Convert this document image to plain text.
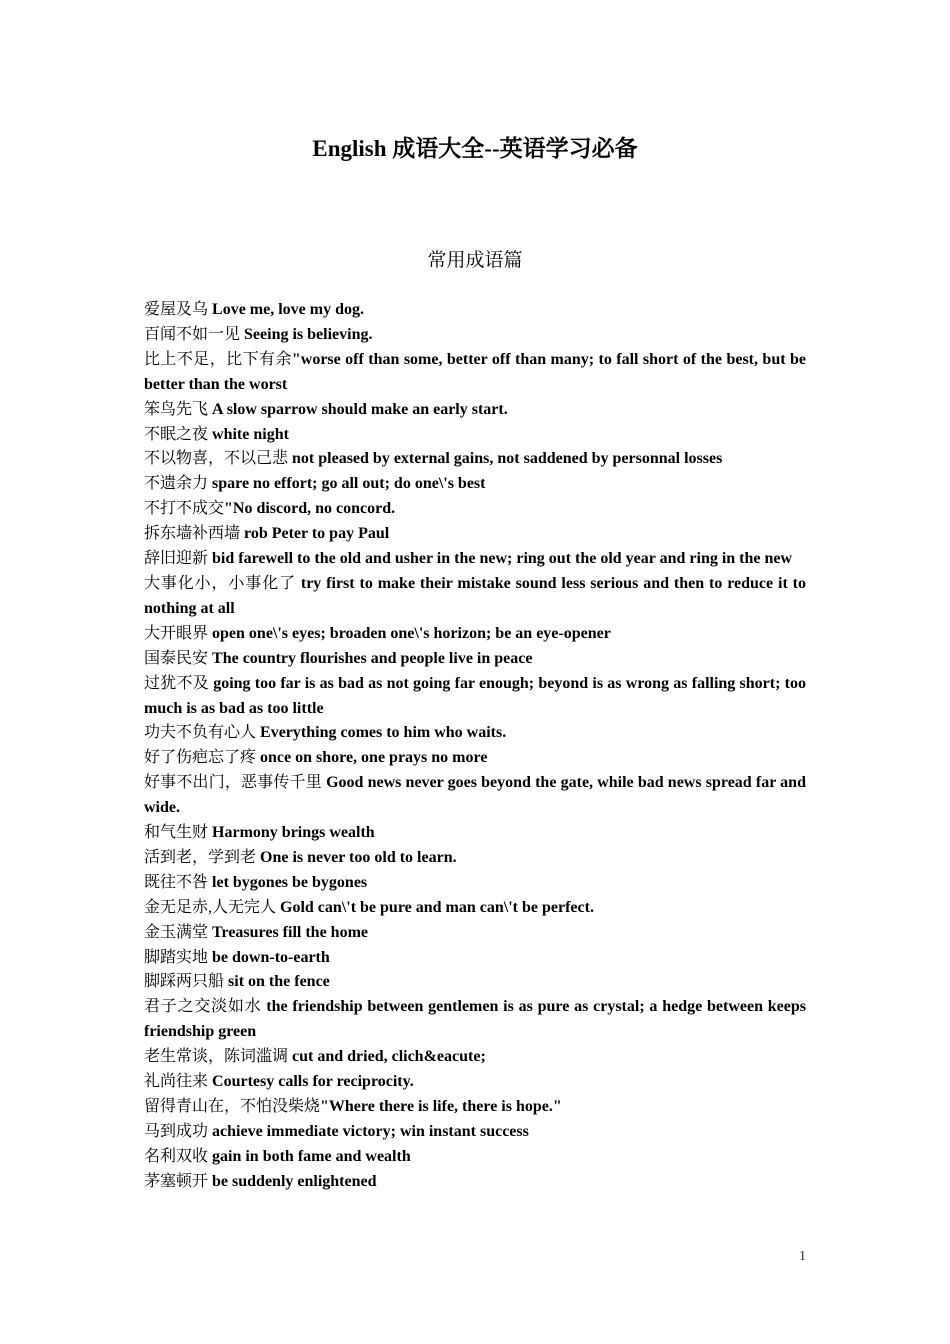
English 成语大全--英语学习必备
常用成语篇
爱屋及乌 Love me, love my dog.
百闻不如一见 Seeing is believing.
比上不足，比下有余"worse off than some, better off than many; to fall short of the best, but be better than the worst
笨鸟先飞 A slow sparrow should make an early start.
不眠之夜 white night
不以物喜，不以己悲 not pleased by external gains, not saddened by personnal losses
不遗余力 spare no effort; go all out; do one\'s best
不打不成交"No discord, no concord.
拆东墙补西墙 rob Peter to pay Paul
辞旧迎新 bid farewell to the old and usher in the new; ring out the old year and ring in the new
大事化小，小事化了 try first to make their mistake sound less serious and then to reduce it to nothing at all
大开眼界 open one\'s eyes; broaden one\'s horizon; be an eye-opener
国泰民安 The country flourishes and people live in peace
过犹不及 going too far is as bad as not going far enough; beyond is as wrong as falling short; too much is as bad as too little
功夫不负有心人 Everything comes to him who waits.
好了伤疤忘了疼 once on shore, one prays no more
好事不出门，恶事传千里 Good news never goes beyond the gate, while bad news spread far and wide.
和气生财 Harmony brings wealth
活到老，学到老 One is never too old to learn.
既往不咎 let bygones be bygones
金无足赤,人无完人 Gold can\'t be pure and man can\'t be perfect.
金玉满堂 Treasures fill the home
脚踏实地 be down-to-earth
脚踩两只船 sit on the fence
君子之交淡如水 the friendship between gentlemen is as pure as crystal; a hedge between keeps friendship green
老生常谈，陈词滥调 cut and dried, clich&eacute;
礼尚往来 Courtesy calls for reciprocity.
留得青山在，不怕没柴烧"Where there is life, there is hope."
马到成功 achieve immediate victory; win instant success
名利双收 gain in both fame and wealth
茅塞顿开 be suddenly enlightened
1
